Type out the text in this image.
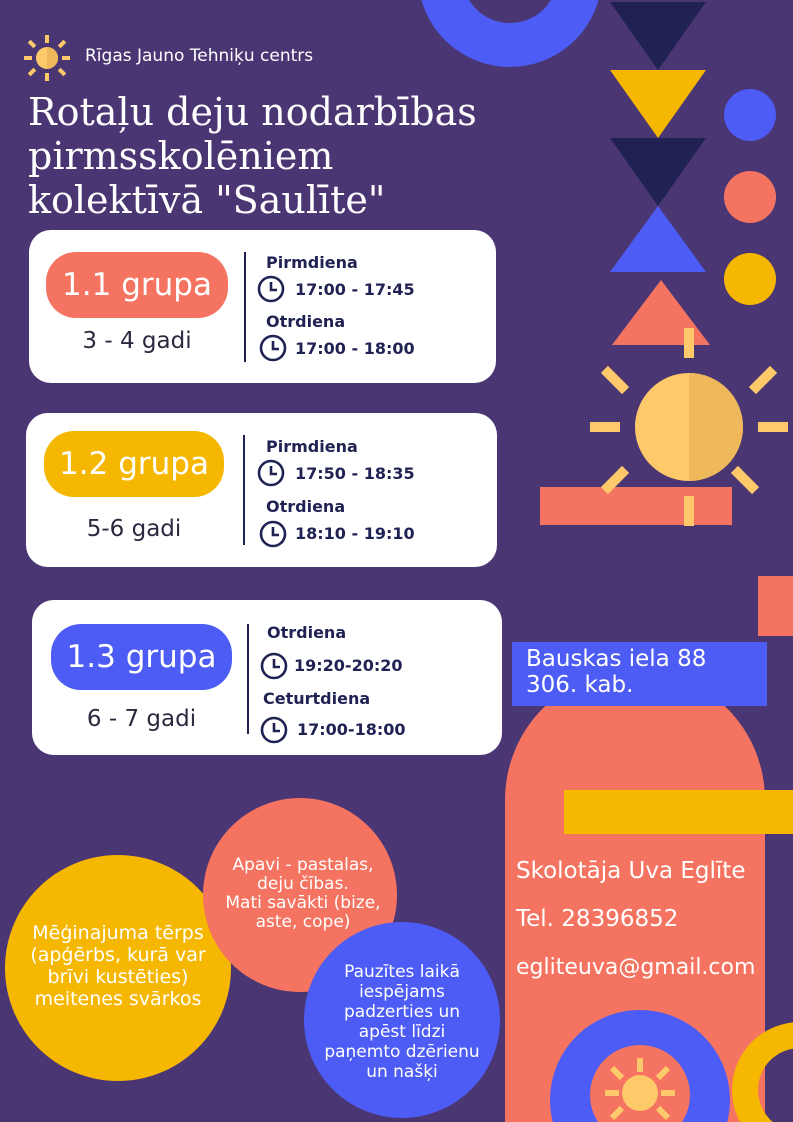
Rīgas Jauno Tehniķu centrs
Rotaļu deju nodarbības
pirmsskolēniem
kolektīvā "Saulīte"
1.1 grupa
3 - 4 gadi
Pirmdiena
17:00 - 17:45
Otrdiena
17:00 - 18:00
1.2 grupa
5-6 gadi
Pirmdiena
17:50 - 18:35
Otrdiena
18:10 - 19:10
1.3 grupa
6 - 7 gadi
Otrdiena
19:20-20:20
Ceturtdiena
17:00-18:00
Bauskas iela 88
306. kab.
Skolotāja Uva Eglīte
Tel. 28396852
egliteuva@gmail.com
Mēģinajuma tērps
(apģērbs, kurā var
brīvi kustēties)
meitenes svārkos
Apavi - pastalas,
deju čības.
Mati savākti (bize,
aste, cope)
Pauzītes laikā
iespējams
padzerties un
apēst līdzi
paņemto dzērienu
un našķi
